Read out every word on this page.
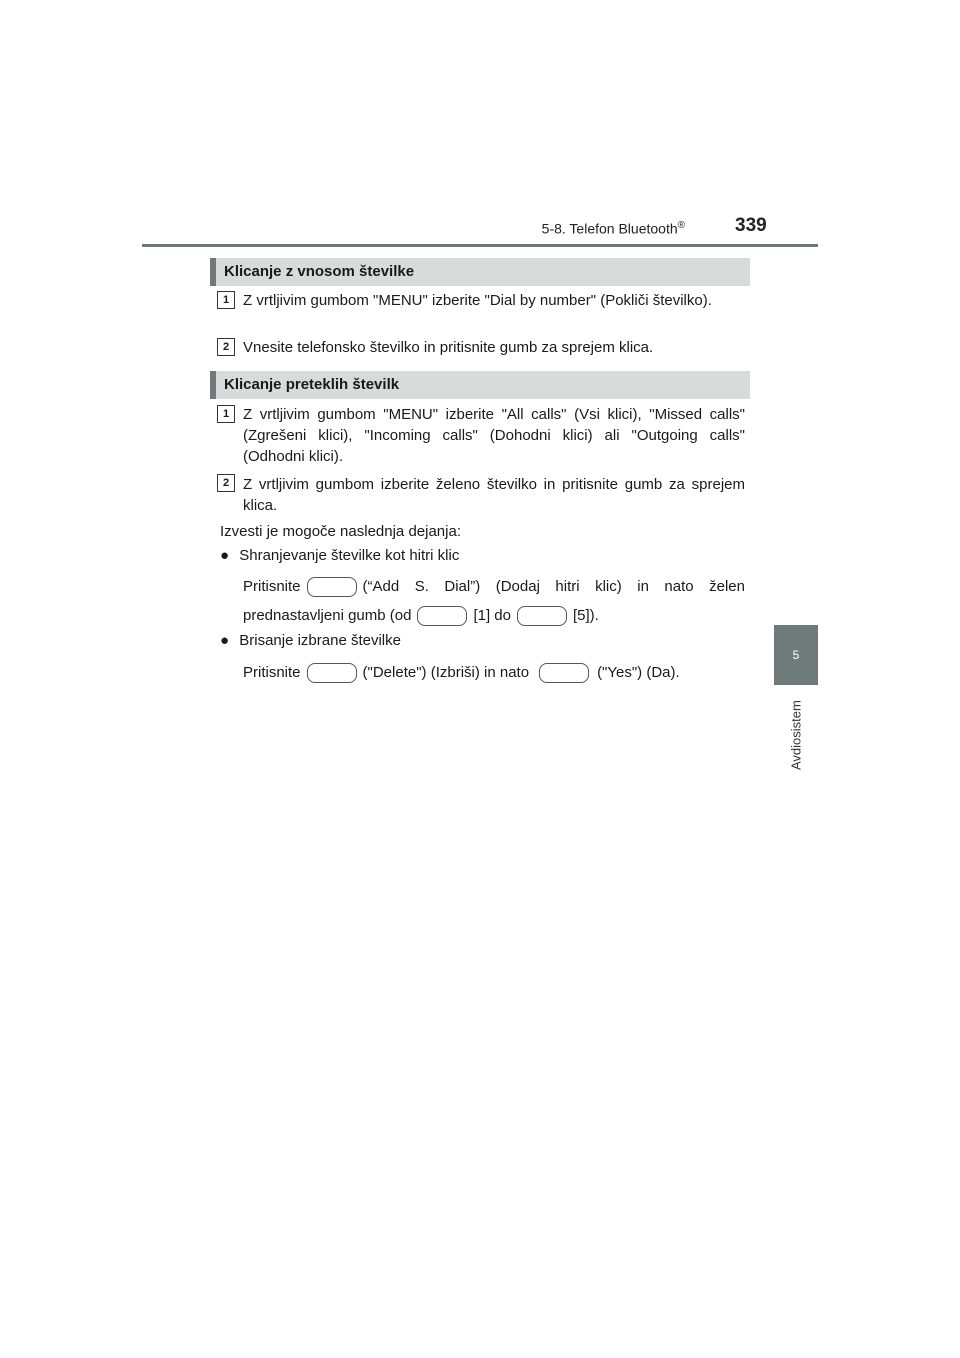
5-8. Telefon Bluetooth®	339
5
Avdiosistem
Klicanje z vnosom številke
1 Z vrtljivim gumbom "MENU" izberite "Dial by number" (Pokliči številko).
2 Vnesite telefonsko številko in pritisnite gumb za sprejem klica.
Klicanje preteklih številk
1 Z vrtljivim gumbom "MENU" izberite "All calls" (Vsi klici), "Missed calls" (Zgrešeni klici), "Incoming calls" (Dohodni klici) ali "Outgoing calls" (Odhodni klici).
2 Z vrtljivim gumbom izberite želeno številko in pritisnite gumb za sprejem klica.
Izvesti je mogoče naslednja dejanja:
● Shranjevanje številke kot hitri klic
Pritisnite	(“Add S. Dial”) (Dodaj hitri klic) in nato želen
prednastavljeni gumb (od	[1] do	[5]).
● Brisanje izbrane številke
Pritisnite	("Delete") (Izbriši) in nato	("Yes") (Da).
